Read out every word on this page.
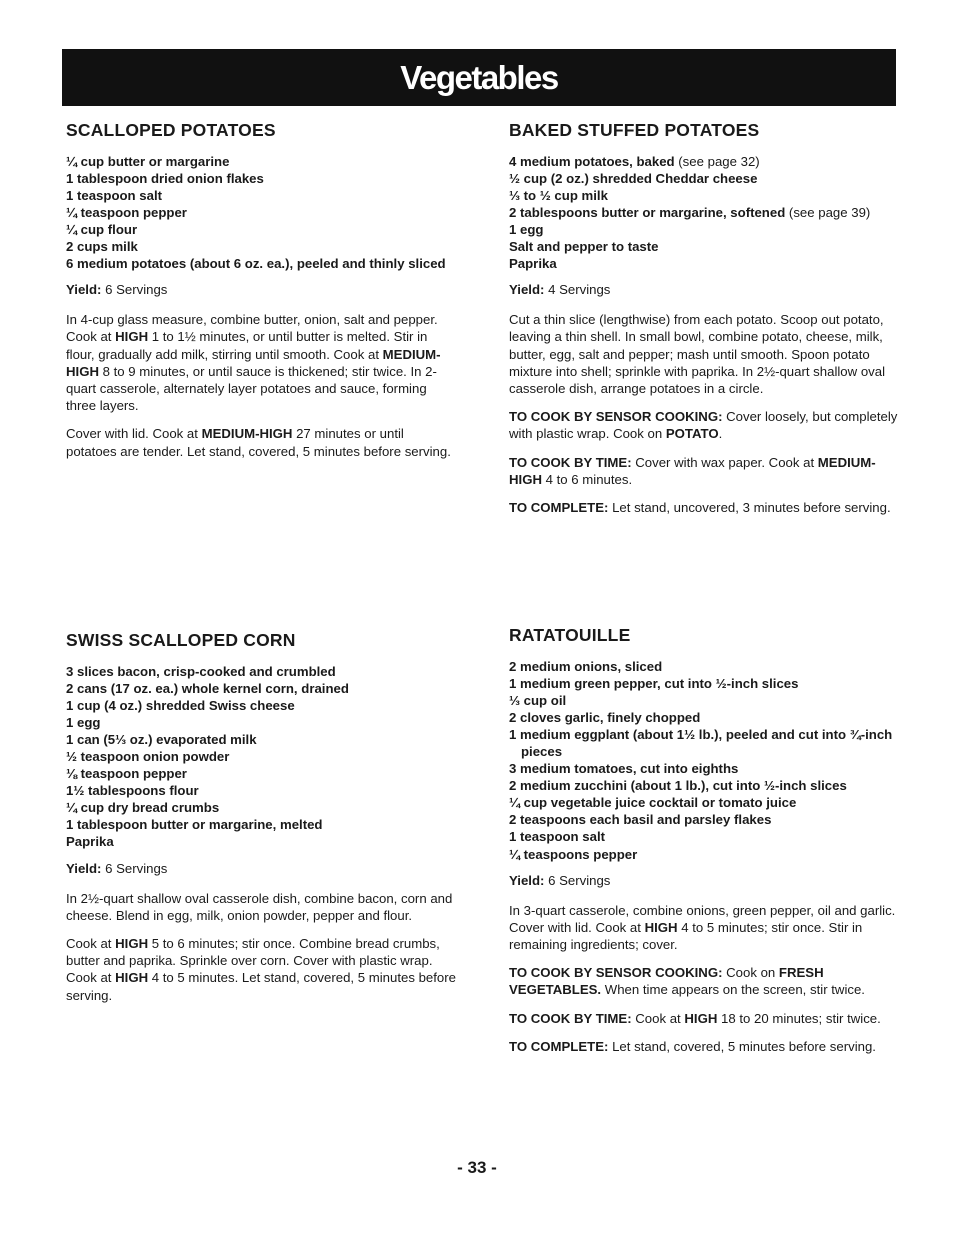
Vegetables
SCALLOPED POTATOES
¼ cup butter or margarine
1 tablespoon dried onion flakes
1 teaspoon salt
¼ teaspoon pepper
¼ cup flour
2 cups milk
6 medium potatoes (about 6 oz. ea.), peeled and thinly sliced

Yield: 6 Servings

In 4-cup glass measure, combine butter, onion, salt and pepper. Cook at HIGH 1 to 1½ minutes, or until butter is melted. Stir in flour, gradually add milk, stirring until smooth. Cook at MEDIUM-HIGH 8 to 9 minutes, or until sauce is thickened; stir twice. In 2-quart casserole, alternately layer potatoes and sauce, forming three layers.

Cover with lid. Cook at MEDIUM-HIGH 27 minutes or until potatoes are tender. Let stand, covered, 5 minutes before serving.

BAKED STUFFED POTATOES
4 medium potatoes, baked (see page 32)
½ cup (2 oz.) shredded Cheddar cheese
⅓ to ½ cup milk
2 tablespoons butter or margarine, softened (see page 39)
1 egg
Salt and pepper to taste
Paprika

Yield: 4 Servings

Cut a thin slice (lengthwise) from each potato. Scoop out potato, leaving a thin shell. In small bowl, combine potato, cheese, milk, butter, egg, salt and pepper; mash until smooth. Spoon potato mixture into shell; sprinkle with paprika. In 2½-quart shallow oval casserole dish, arrange potatoes in a circle.

TO COOK BY SENSOR COOKING: Cover loosely, but completely with plastic wrap. Cook on POTATO.

TO COOK BY TIME: Cover with wax paper. Cook at MEDIUM-HIGH 4 to 6 minutes.

TO COMPLETE: Let stand, uncovered, 3 minutes before serving.

SWISS SCALLOPED CORN
3 slices bacon, crisp-cooked and crumbled
2 cans (17 oz. ea.) whole kernel corn, drained
1 cup (4 oz.) shredded Swiss cheese
1 egg
1 can (5⅓ oz.) evaporated milk
½ teaspoon onion powder
⅛ teaspoon pepper
1½ tablespoons flour
¼ cup dry bread crumbs
1 tablespoon butter or margarine, melted
Paprika

Yield: 6 Servings

In 2½-quart shallow oval casserole dish, combine bacon, corn and cheese. Blend in egg, milk, onion powder, pepper and flour.

Cook at HIGH 5 to 6 minutes; stir once. Combine bread crumbs, butter and paprika. Sprinkle over corn. Cover with plastic wrap. Cook at HIGH 4 to 5 minutes. Let stand, covered, 5 minutes before serving.

RATATOUILLE
2 medium onions, sliced
1 medium green pepper, cut into ½-inch slices
⅓ cup oil
2 cloves garlic, finely chopped
1 medium eggplant (about 1½ lb.), peeled and cut into ¾-inch pieces
3 medium tomatoes, cut into eighths
2 medium zucchini (about 1 lb.), cut into ½-inch slices
¼ cup vegetable juice cocktail or tomato juice
2 teaspoons each basil and parsley flakes
1 teaspoon salt
¼ teaspoons pepper

Yield: 6 Servings

In 3-quart casserole, combine onions, green pepper, oil and garlic. Cover with lid. Cook at HIGH 4 to 5 minutes; stir once. Stir in remaining ingredients; cover.

TO COOK BY SENSOR COOKING: Cook on FRESH VEGETABLES. When time appears on the screen, stir twice.

TO COOK BY TIME: Cook at HIGH 18 to 20 minutes; stir twice.

TO COMPLETE: Let stand, covered, 5 minutes before serving.

- 33 -
